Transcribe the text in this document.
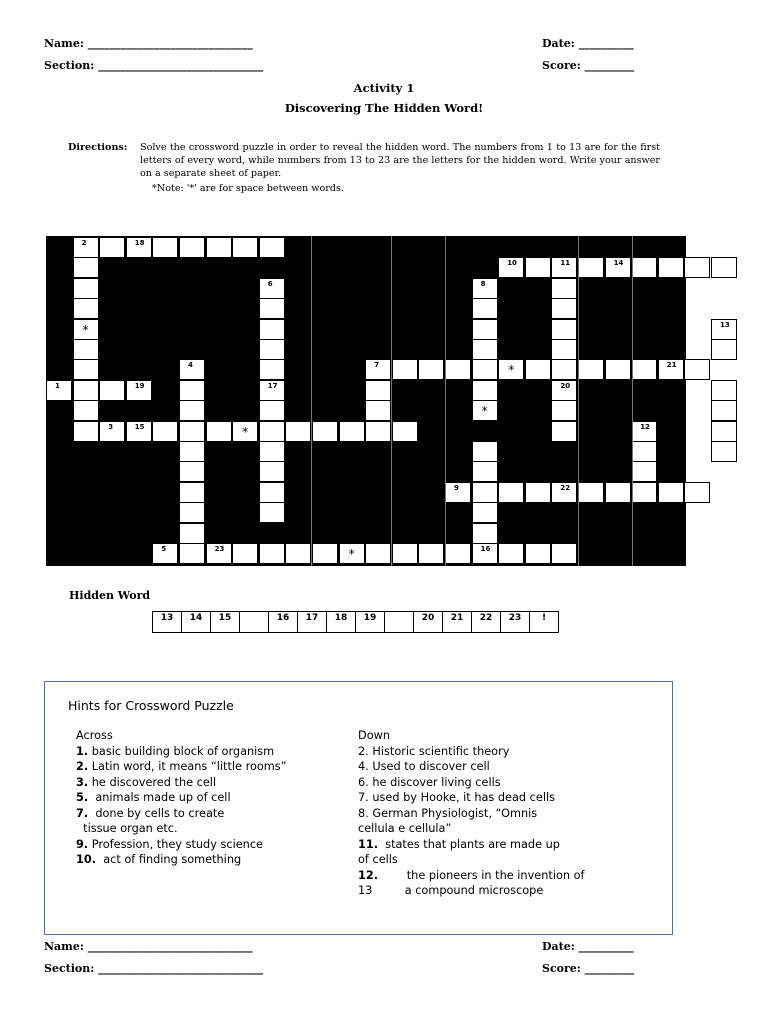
Name: ______________________________	Date: __________
Section: ______________________________	Score: _________
Activity 1
Discovering The Hidden Word!
Directions: Solve the crossword puzzle in order to reveal the hidden word. The numbers from 1 to 13 are for the first letters of every word, while numbers from 13 to 23 are the letters for the hidden word. Write your answer on a separate sheet of paper.
*Note: '*' are for space between words.
2	18
*
1	19
3	15	*
4
6
17
5	23	*	16
7	*	21
8
*
9	22
10	11	14
20
12
13
Hidden Word
13	14	15	16	17	18	19	20	21	22	23	!
Hints for Crossword Puzzle
Across
1. basic building block of organism
2. Latin word, it means “little rooms”
3. he discovered the cell
5.  animals made up of cell
7.  done by cells to create
tissue organ etc.
9. Profession, they study science
10.  act of finding something
Down
2. Historic scientific theory
4. Used to discover cell
6. he discover living cells
7. used by Hooke, it has dead cells
8. German Physiologist, “Omnis
cellula e cellula”
11.  states that plants are made up
of cells
12.        the pioneers in the invention of
13         a compound microscope
Name: ______________________________	Date: __________
Section: ______________________________	Score: _________
